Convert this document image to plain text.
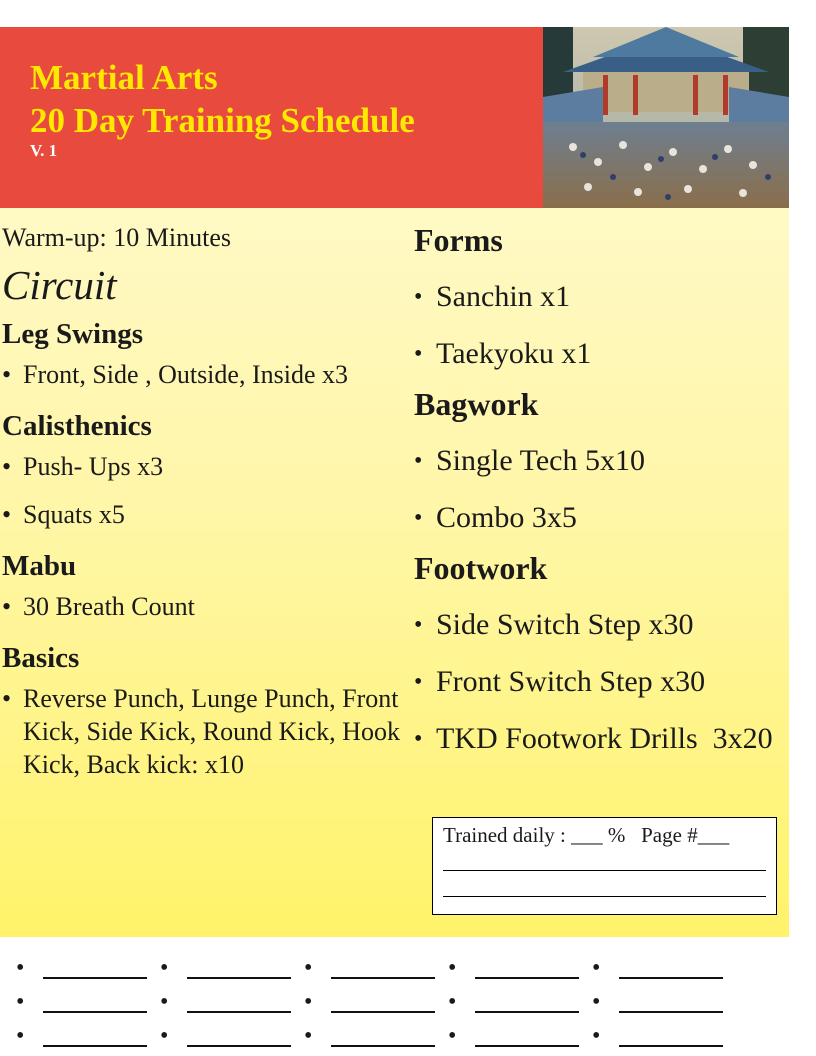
Martial Arts
20 Day Training Schedule
V. 1

Warm-up: 10 Minutes

Circuit

Leg Swings
• Front, Side , Outside, Inside x3
Calisthenics
• Push- Ups x3
• Squats x5
Mabu
• 30 Breath Count
Basics
• Reverse Punch, Lunge Punch, Front Kick, Side Kick, Round Kick, Hook Kick, Back kick: x10
Forms
• Sanchin x1
• Taekyoku x1
Bagwork
• Single Tech 5x10
• Combo 3x5
Footwork
• Side Switch Step x30
• Front Switch Step x30
• TKD Footwork Drills  3x20

Trained daily : ___ %   Page #___

•	•	•	•	•
•	•	•	•	•
•	•	•	•	•
